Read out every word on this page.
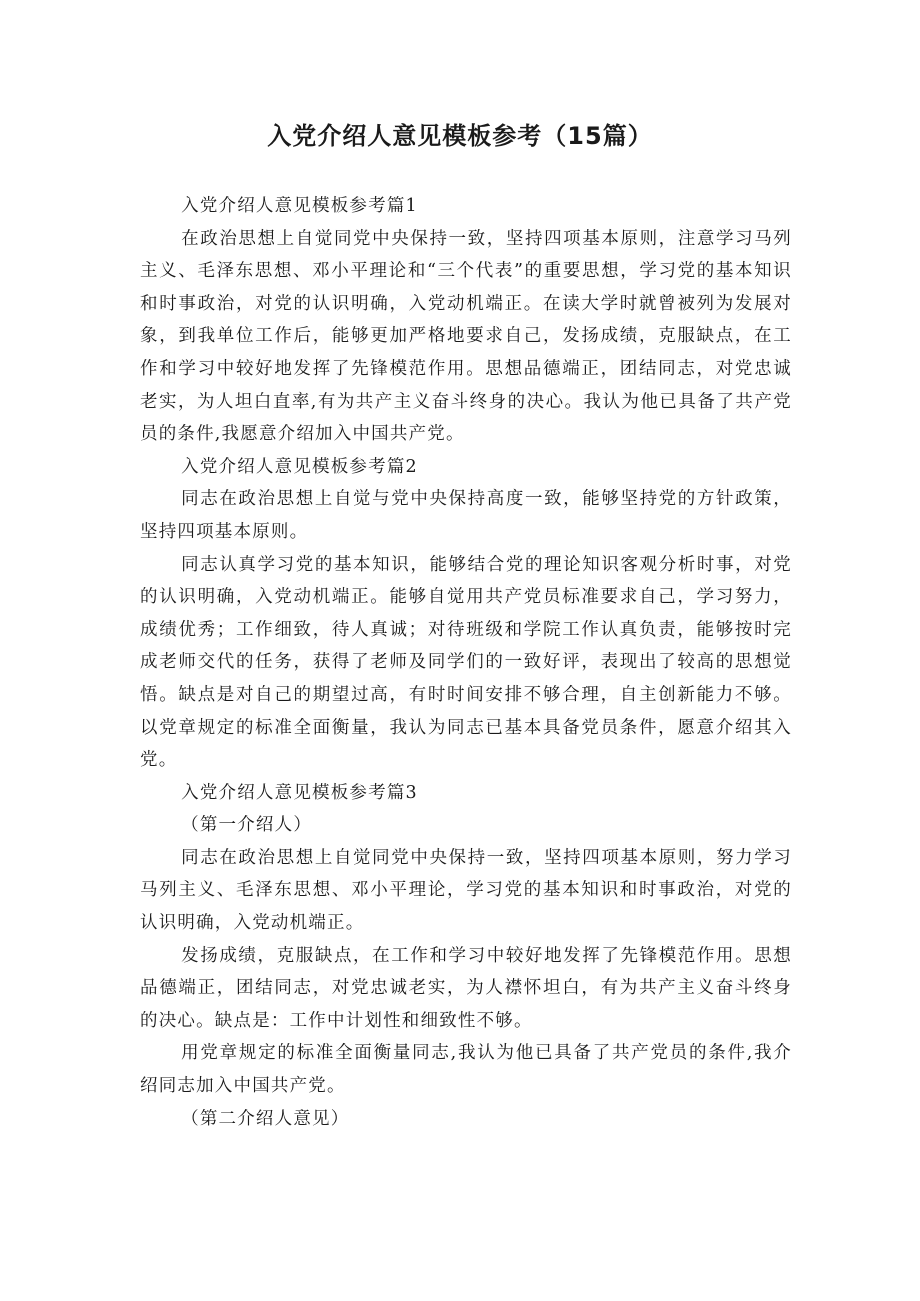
入党介绍人意见模板参考（15篇）

入党介绍人意见模板参考篇1

在政治思想上自觉同党中央保持一致，坚持四项基本原则，注意学习马列主义、毛泽东思想、邓小平理论和“三个代表”的重要思想，学习党的基本知识和时事政治，对党的认识明确，入党动机端正。在读大学时就曾被列为发展对象，到我单位工作后，能够更加严格地要求自己，发扬成绩，克服缺点，在工作和学习中较好地发挥了先锋模范作用。思想品德端正，团结同志，对党忠诚老实，为人坦白直率,有为共产主义奋斗终身的决心。我认为他已具备了共产党员的条件,我愿意介绍加入中国共产党。

入党介绍人意见模板参考篇2

同志在政治思想上自觉与党中央保持高度一致，能够坚持党的方针政策，坚持四项基本原则。

同志认真学习党的基本知识，能够结合党的理论知识客观分析时事，对党的认识明确，入党动机端正。能够自觉用共产党员标准要求自己，学习努力，成绩优秀；工作细致，待人真诚；对待班级和学院工作认真负责，能够按时完成老师交代的任务，获得了老师及同学们的一致好评，表现出了较高的思想觉悟。缺点是对自己的期望过高，有时时间安排不够合理，自主创新能力不够。以党章规定的标准全面衡量，我认为同志已基本具备党员条件，愿意介绍其入党。

入党介绍人意见模板参考篇3

（第一介绍人）

同志在政治思想上自觉同党中央保持一致，坚持四项基本原则，努力学习马列主义、毛泽东思想、邓小平理论，学习党的基本知识和时事政治，对党的认识明确，入党动机端正。

发扬成绩，克服缺点，在工作和学习中较好地发挥了先锋模范作用。思想品德端正，团结同志，对党忠诚老实，为人襟怀坦白，有为共产主义奋斗终身的决心。缺点是：工作中计划性和细致性不够。

用党章规定的标准全面衡量同志,我认为他已具备了共产党员的条件,我介绍同志加入中国共产党。

（第二介绍人意见）
